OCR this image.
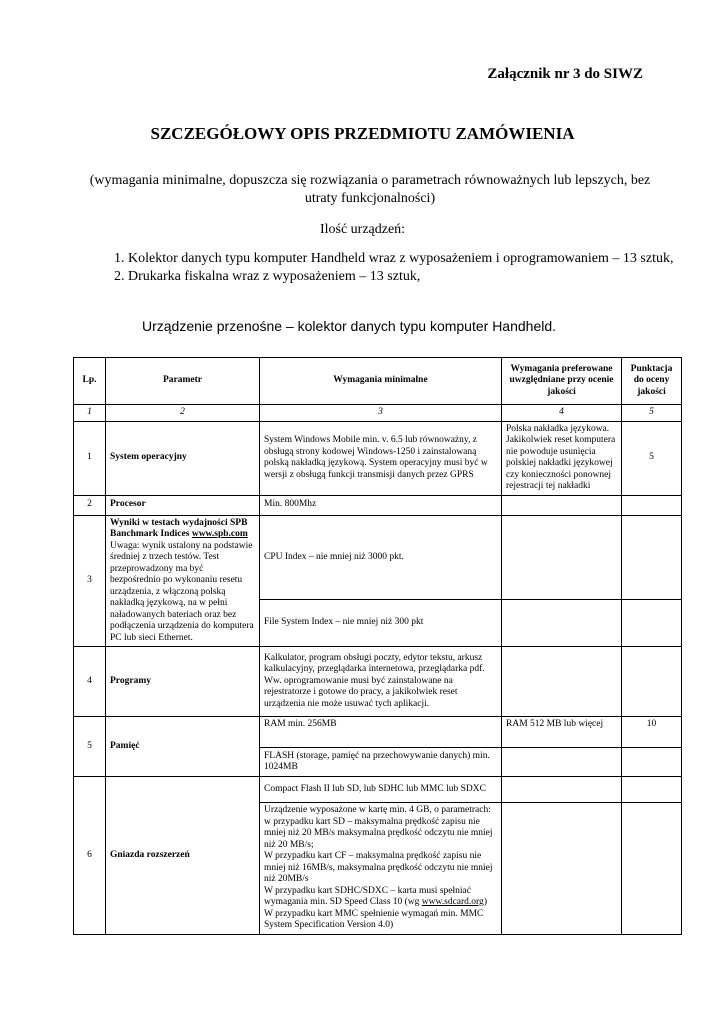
Załącznik nr 3 do SIWZ
SZCZEGÓŁOWY OPIS PRZEDMIOTU ZAMÓWIENIA
(wymagania minimalne, dopuszcza się rozwiązania o parametrach równoważnych lub lepszych, bez utraty funkcjonalności)
Ilość urządzeń:
1. Kolektor danych typu komputer Handheld wraz z wyposażeniem i oprogramowaniem – 13 sztuk,
2. Drukarka fiskalna wraz z wyposażeniem – 13 sztuk,
Urządzenie przenośne – kolektor danych typu komputer Handheld.
Lp.	Parametr	Wymagania minimalne	Wymagania preferowane uwzględniane przy ocenie jakości	Punktacja do oceny jakości
1	2	3	4	5
1	System operacyjny	System Windows Mobile min. v. 6.5 lub równoważny, z obsługą strony kodowej Windows-1250 i zainstalowaną polską nakładką językową. System operacyjny musi być w wersji z obsługą funkcji transmisji danych przez GPRS	Polska nakładka językowa. Jakikolwiek reset komputera nie powoduje usunięcia polskiej nakładki językowej czy konieczności ponownej rejestracji tej nakładki	5
2	Procesor	Min. 800Mhz		
3	Wyniki w testach wydajności SPB Banchmark Indices www.spb.com
Uwaga: wynik ustalony na podstawie średniej z trzech testów. Test przeprowadzony ma być bezpośrednio po wykonaniu resetu urządzenia, z włączoną polską nakładką językową, na w pełni naładowanych bateriach oraz bez podłączenia urządzenia do komputera PC lub sieci Ethernet.	CPU Index – nie mniej niż 3000 pkt.		
		File System Index – nie mniej niż 300 pkt		
4	Programy	Kalkulator, program obsługi poczty, edytor tekstu, arkusz kalkulacyjny, przeglądarka internetowa, przeglądarka pdf. Ww. oprogramowanie musi być zainstalowane na rejestratorze i gotowe do pracy, a jakikolwiek reset urządzenia nie może usuwać tych aplikacji.		
5	Pamięć	RAM min. 256MB	RAM 512 MB lub więcej	10
		FLASH (storage, pamięć na przechowywanie danych) min. 1024MB		
6	Gniazda rozszerzeń	Compact Flash II lub SD, lub SDHC lub MMC lub SDXC		
		Urządzenie wyposażone w kartę min. 4 GB, o parametrach:
w przypadku kart SD – maksymalna prędkość zapisu nie mniej niż 20 MB/s maksymalna prędkość odczytu nie mniej niż 20 MB/s;
W przypadku kart CF – maksymalna prędkość zapisu nie mniej niż 16MB/s, maksymalna prędkość odczytu nie mniej niż 20MB/s
W przypadku kart SDHC/SDXC – karta musi spełniać wymagania min. SD Speed Class 10 (wg www.sdcard.org)
W przypadku kart MMC spełnienie wymagań min. MMC System Specification Version 4.0)		
